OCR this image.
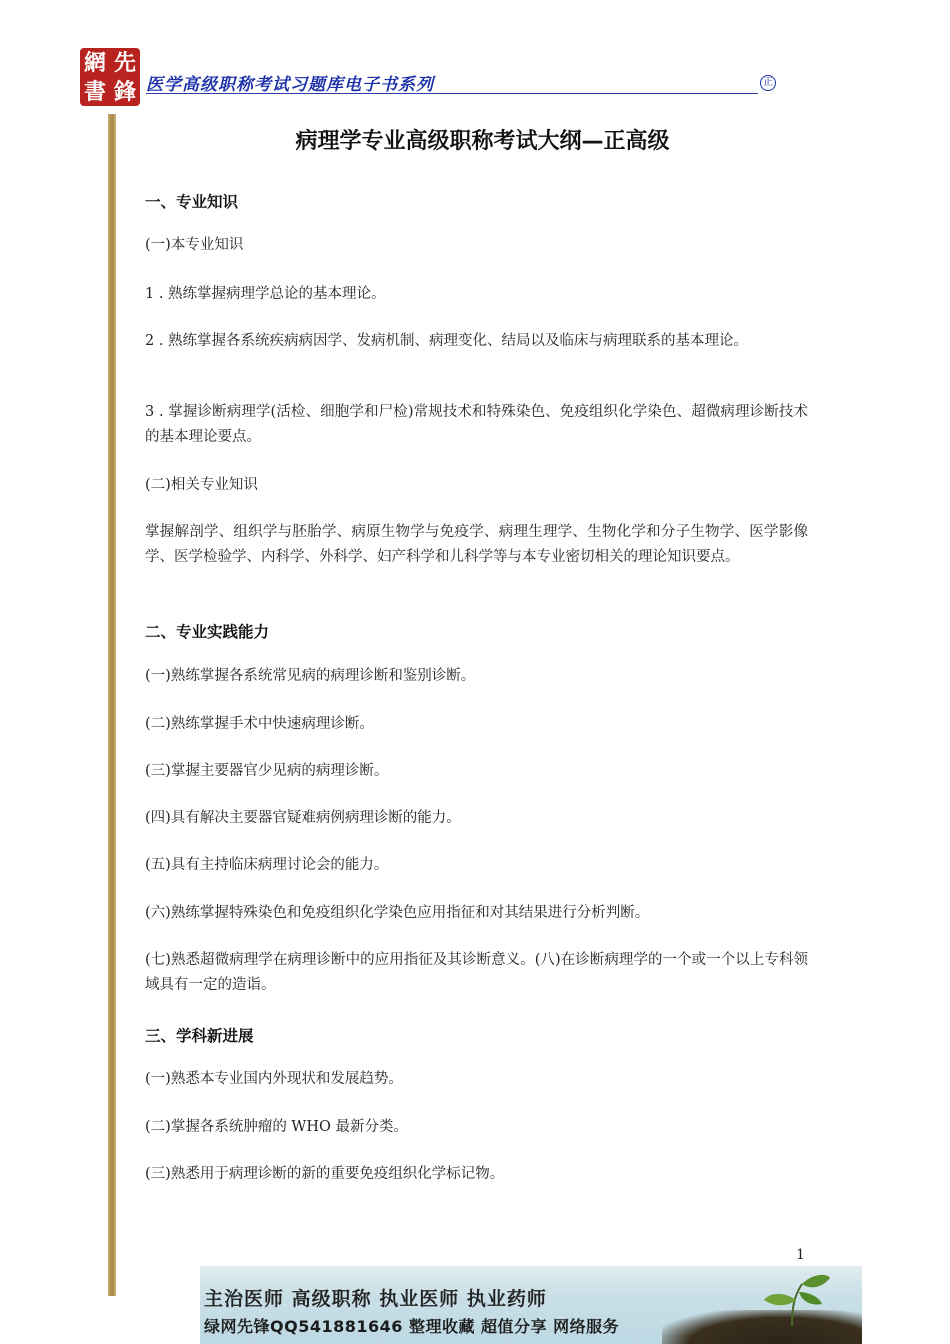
網 先
書 鋒 医学高级职称考试习题库电子书系列	正
病理学专业高级职称考试大纲—正高级
一、专业知识
(一)本专业知识
1 . 熟练掌握病理学总论的基本理论。
2 . 熟练掌握各系统疾病病因学、发病机制、病理变化、结局以及临床与病理联系的基本理论。
3 . 掌握诊断病理学(活检、细胞学和尸检)常规技术和特殊染色、免疫组织化学染色、超微病理诊断技术的基本理论要点。
(二)相关专业知识
掌握解剖学、组织学与胚胎学、病原生物学与免疫学、病理生理学、生物化学和分子生物学、医学影像学、医学检验学、内科学、外科学、妇产科学和儿科学等与本专业密切相关的理论知识要点。
二、专业实践能力
(一)熟练掌握各系统常见病的病理诊断和鉴别诊断。
(二)熟练掌握手术中快速病理诊断。
(三)掌握主要器官少见病的病理诊断。
(四)具有解决主要器官疑难病例病理诊断的能力。
(五)具有主持临床病理讨论会的能力。
(六)熟练掌握特殊染色和免疫组织化学染色应用指征和对其结果进行分析判断。
(七)熟悉超微病理学在病理诊断中的应用指征及其诊断意义。(八)在诊断病理学的一个或一个以上专科领域具有一定的造诣。
三、学科新进展
(一)熟悉本专业国内外现状和发展趋势。
(二)掌握各系统肿瘤的 WHO 最新分类。
(三)熟悉用于病理诊断的新的重要免疫组织化学标记物。
1
主治医师 高级职称 执业医师 执业药师
绿网先锋QQ541881646 整理收藏 超值分享 网络服务
